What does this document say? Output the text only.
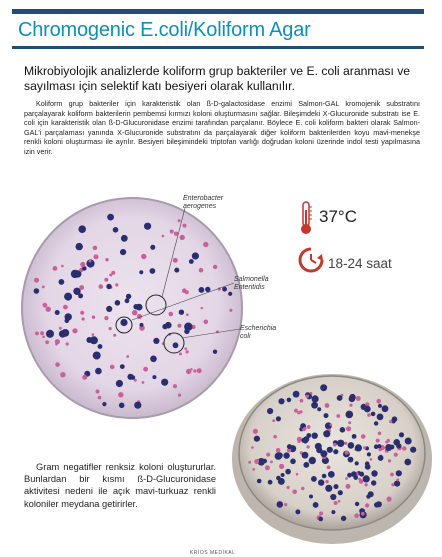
Chromogenic E.coli/Koliform Agar
Mikrobiyolojik analizlerde koliform grup bakteriler ve E. coli aranması ve sayılması için selektif katı besiyeri olarak kullanılır.
Koliform grup bakteriler için karakteristik olan ß-D-galactosidase enzimi Salmon-GAL kromojenik substratını parçalayarak koliform bakterilerin pembemsi kırmızı koloni oluşturmasını sağlar. Bileşimdeki X-Glucuronide substratı ise E. coli için karakteristik olan ß-D-Glucuronidase enzimi tarafından parçalanır. Böylece E. coli koliform bakteri olarak Salmon-GAL'i parçalaması yanında X-Glucuronide substratını da parçalayarak diğer koliform bakterilerden koyu mavi-menekşe renkli koloni oluşturması ile ayrılır. Besiyeri bileşimindeki triptofan varlığı doğrudan koloni üzerinde indol testi yapılmasına izin verir.
Enterobacter
aerogenes
Salmonella
Enteritidis
Escherichia
coli
37°C
18-24 saat
Gram negatifler renksiz koloni oluştururlar. Bunlardan bir kısmı ß-D-Glucuronidase aktivitesi nedeni ile açık mavi-turkuaz renkli koloniler meydana getirirler.
KRİOS MEDİKAL
